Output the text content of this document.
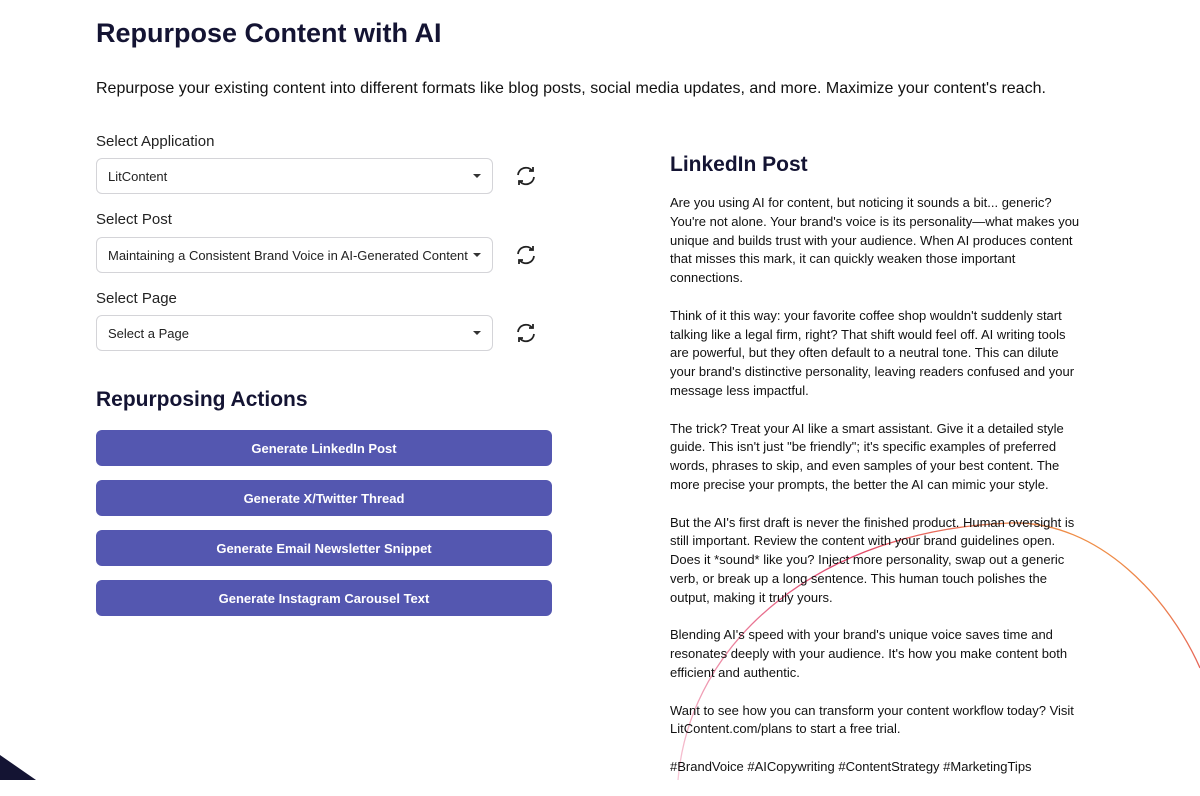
Repurpose Content with AI
Repurpose your existing content into different formats like blog posts, social media updates, and more. Maximize your content's reach.
Select Application
LitContent
Select Post
Maintaining a Consistent Brand Voice in AI-Generated Content
Select Page
Select a Page
Repurposing Actions
Generate LinkedIn Post
Generate X/Twitter Thread
Generate Email Newsletter Snippet
Generate Instagram Carousel Text
LinkedIn Post

Are you using AI for content, but noticing it sounds a bit... generic? You're not alone. Your brand's voice is its personality—what makes you unique and builds trust with your audience. When AI produces content that misses this mark, it can quickly weaken those important connections.

Think of it this way: your favorite coffee shop wouldn't suddenly start talking like a legal firm, right? That shift would feel off. AI writing tools are powerful, but they often default to a neutral tone. This can dilute your brand's distinctive personality, leaving readers confused and your message less impactful.

The trick? Treat your AI like a smart assistant. Give it a detailed style guide. This isn't just "be friendly"; it's specific examples of preferred words, phrases to skip, and even samples of your best content. The more precise your prompts, the better the AI can mimic your style.

But the AI's first draft is never the finished product. Human oversight is still important. Review the content with your brand guidelines open. Does it *sound* like you? Inject more personality, swap out a generic verb, or break up a long sentence. This human touch polishes the output, making it truly yours.

Blending AI's speed with your brand's unique voice saves time and resonates deeply with your audience. It's how you make content both efficient and authentic.

Want to see how you can transform your content workflow today? Visit LitContent.com/plans to start a free trial.

#BrandVoice #AICopywriting #ContentStrategy #MarketingTips
